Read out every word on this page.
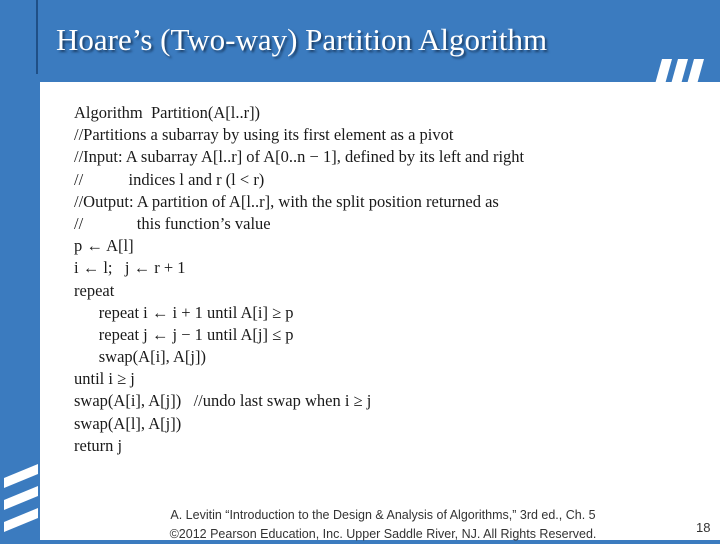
Hoare’s (Two-way) Partition Algorithm
Algorithm  Partition(A[l..r])
//Partitions a subarray by using its first element as a pivot
//Input: A subarray A[l..r] of A[0..n − 1], defined by its left and right
//           indices l and r (l < r)
//Output: A partition of A[l..r], with the split position returned as
//             this function’s value
p ← A[l]
i ← l;   j ← r + 1
repeat
repeat i ← i + 1 until A[i] ≥ p
repeat j ← j − 1 until A[j] ≤ p
swap(A[i], A[j])
until i ≥ j
swap(A[i], A[j])   //undo last swap when i ≥ j
swap(A[l], A[j])
return j
A. Levitin “Introduction to the Design & Analysis of Algorithms,” 3rd ed., Ch. 5
©2012 Pearson Education, Inc. Upper Saddle River, NJ. All Rights Reserved.	18
